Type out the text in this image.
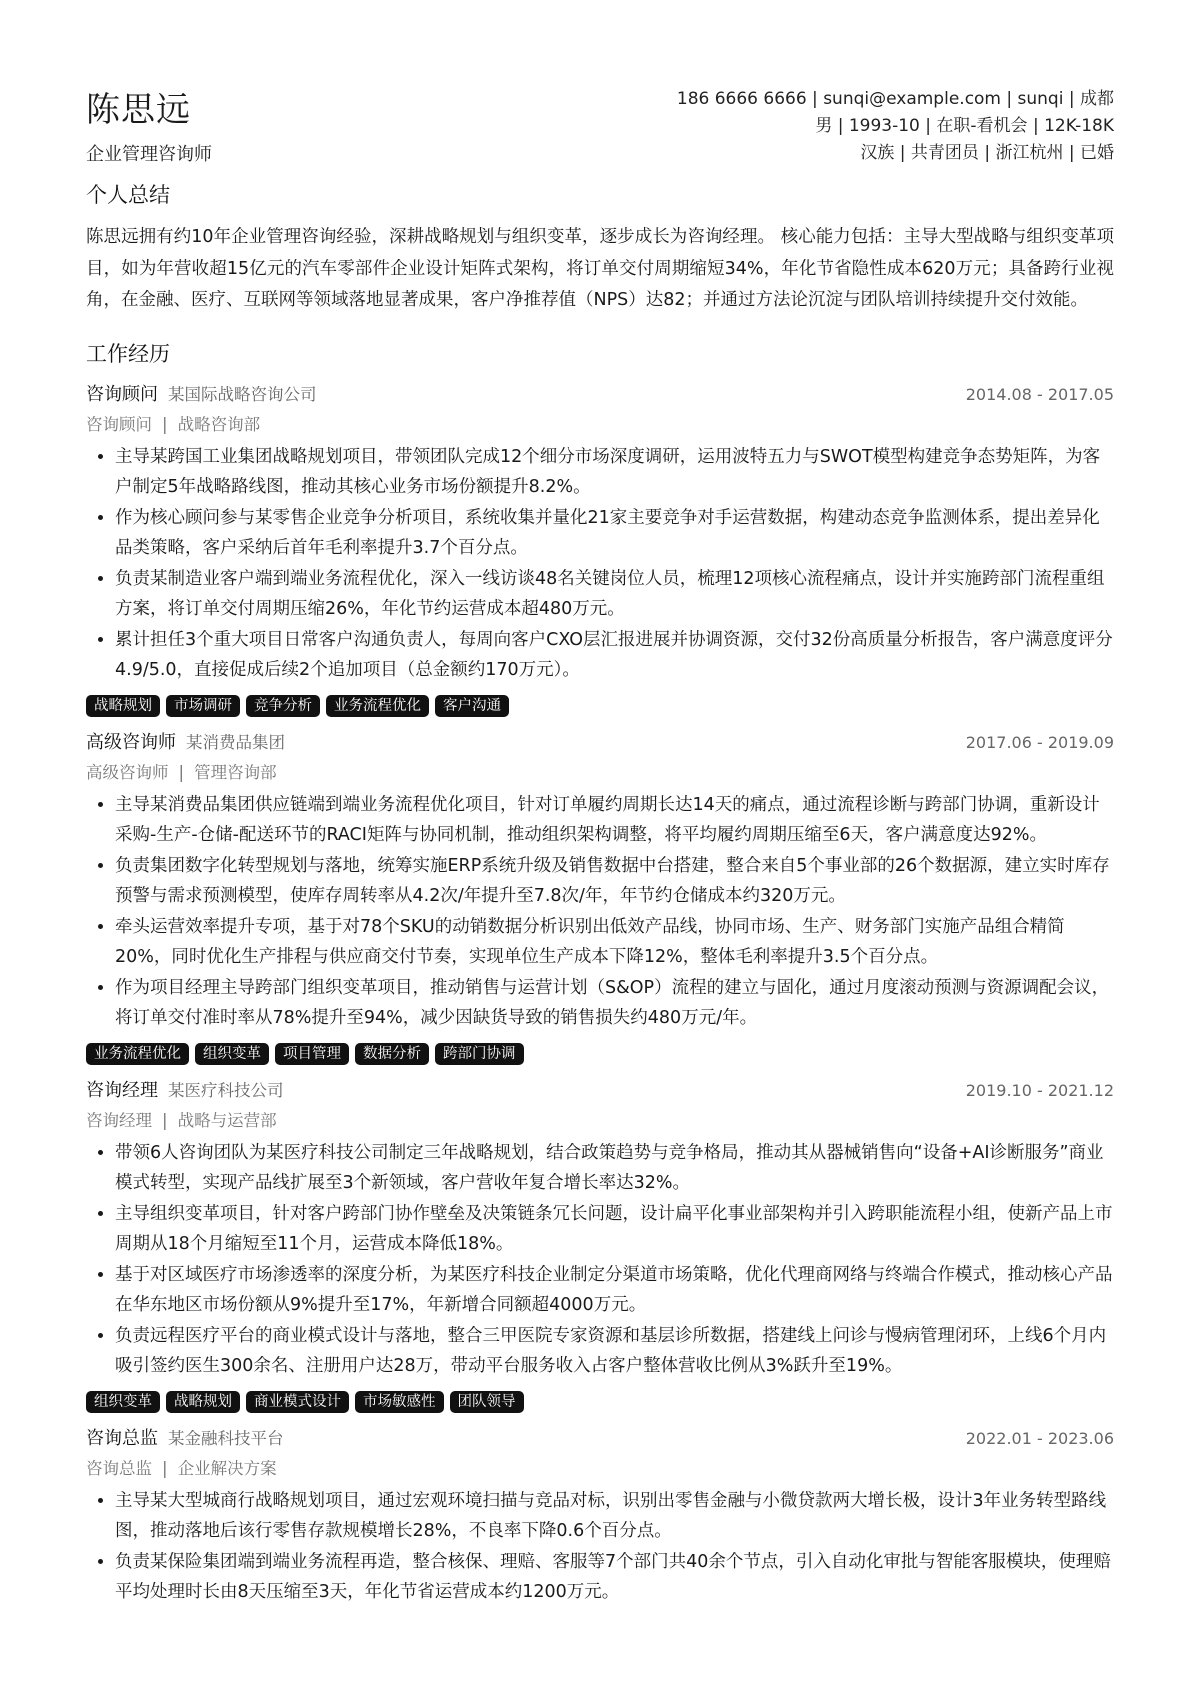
陈思远
企业管理咨询师
186 6666 6666 | sunqi@example.com | sunqi | 成都
男 | 1993-10 | 在职-看机会 | 12K-18K
汉族 | 共青团员 | 浙江杭州 | 已婚
个人总结
陈思远拥有约10年企业管理咨询经验，深耕战略规划与组织变革，逐步成长为咨询经理。 核心能力包括：主导大型战略与组织变革项目，如为年营收超15亿元的汽车零部件企业设计矩阵式架构，将订单交付周期缩短34%，年化节省隐性成本620万元；具备跨行业视角，在金融、医疗、互联网等领域落地显著成果，客户净推荐值（NPS）达82；并通过方法论沉淀与团队培训持续提升交付效能。
工作经历
咨询顾问 某国际战略咨询公司	2014.08 - 2017.05
咨询顾问 | 战略咨询部
• 主导某跨国工业集团战略规划项目，带领团队完成12个细分市场深度调研，运用波特五力与SWOT模型构建竞争态势矩阵，为客户制定5年战略路线图，推动其核心业务市场份额提升8.2%。
• 作为核心顾问参与某零售企业竞争分析项目，系统收集并量化21家主要竞争对手运营数据，构建动态竞争监测体系，提出差异化品类策略，客户采纳后首年毛利率提升3.7个百分点。
• 负责某制造业客户端到端业务流程优化，深入一线访谈48名关键岗位人员，梳理12项核心流程痛点，设计并实施跨部门流程重组方案，将订单交付周期压缩26%，年化节约运营成本超480万元。
• 累计担任3个重大项目日常客户沟通负责人，每周向客户CXO层汇报进展并协调资源，交付32份高质量分析报告，客户满意度评分4.9/5.0，直接促成后续2个追加项目（总金额约170万元）。
战略规划	市场调研	竞争分析	业务流程优化	客户沟通
高级咨询师 某消费品集团	2017.06 - 2019.09
高级咨询师 | 管理咨询部
• 主导某消费品集团供应链端到端业务流程优化项目，针对订单履约周期长达14天的痛点，通过流程诊断与跨部门协调，重新设计采购-生产-仓储-配送环节的RACI矩阵与协同机制，推动组织架构调整，将平均履约周期压缩至6天，客户满意度达92%。
• 负责集团数字化转型规划与落地，统筹实施ERP系统升级及销售数据中台搭建，整合来自5个事业部的26个数据源，建立实时库存预警与需求预测模型，使库存周转率从4.2次/年提升至7.8次/年，年节约仓储成本约320万元。
• 牵头运营效率提升专项，基于对78个SKU的动销数据分析识别出低效产品线，协同市场、生产、财务部门实施产品组合精简20%，同时优化生产排程与供应商交付节奏，实现单位生产成本下降12%，整体毛利率提升3.5个百分点。
• 作为项目经理主导跨部门组织变革项目，推动销售与运营计划（S&OP）流程的建立与固化，通过月度滚动预测与资源调配会议，将订单交付准时率从78%提升至94%，减少因缺货导致的销售损失约480万元/年。
业务流程优化	组织变革	项目管理	数据分析	跨部门协调
咨询经理 某医疗科技公司	2019.10 - 2021.12
咨询经理 | 战略与运营部
• 带领6人咨询团队为某医疗科技公司制定三年战略规划，结合政策趋势与竞争格局，推动其从器械销售向“设备+AI诊断服务”商业模式转型，实现产品线扩展至3个新领域，客户营收年复合增长率达32%。
• 主导组织变革项目，针对客户跨部门协作壁垒及决策链条冗长问题，设计扁平化事业部架构并引入跨职能流程小组，使新产品上市周期从18个月缩短至11个月，运营成本降低18%。
• 基于对区域医疗市场渗透率的深度分析，为某医疗科技企业制定分渠道市场策略，优化代理商网络与终端合作模式，推动核心产品在华东地区市场份额从9%提升至17%，年新增合同额超4000万元。
• 负责远程医疗平台的商业模式设计与落地，整合三甲医院专家资源和基层诊所数据，搭建线上问诊与慢病管理闭环，上线6个月内吸引签约医生300余名、注册用户达28万，带动平台服务收入占客户整体营收比例从3%跃升至19%。
组织变革	战略规划	商业模式设计	市场敏感性	团队领导
咨询总监 某金融科技平台	2022.01 - 2023.06
咨询总监 | 企业解决方案
• 主导某大型城商行战略规划项目，通过宏观环境扫描与竞品对标，识别出零售金融与小微贷款两大增长极，设计3年业务转型路线图，推动落地后该行零售存款规模增长28%，不良率下降0.6个百分点。
• 负责某保险集团端到端业务流程再造，整合核保、理赔、客服等7个部门共40余个节点，引入自动化审批与智能客服模块，使理赔平均处理时长由8天压缩至3天，年化节省运营成本约1200万元。
